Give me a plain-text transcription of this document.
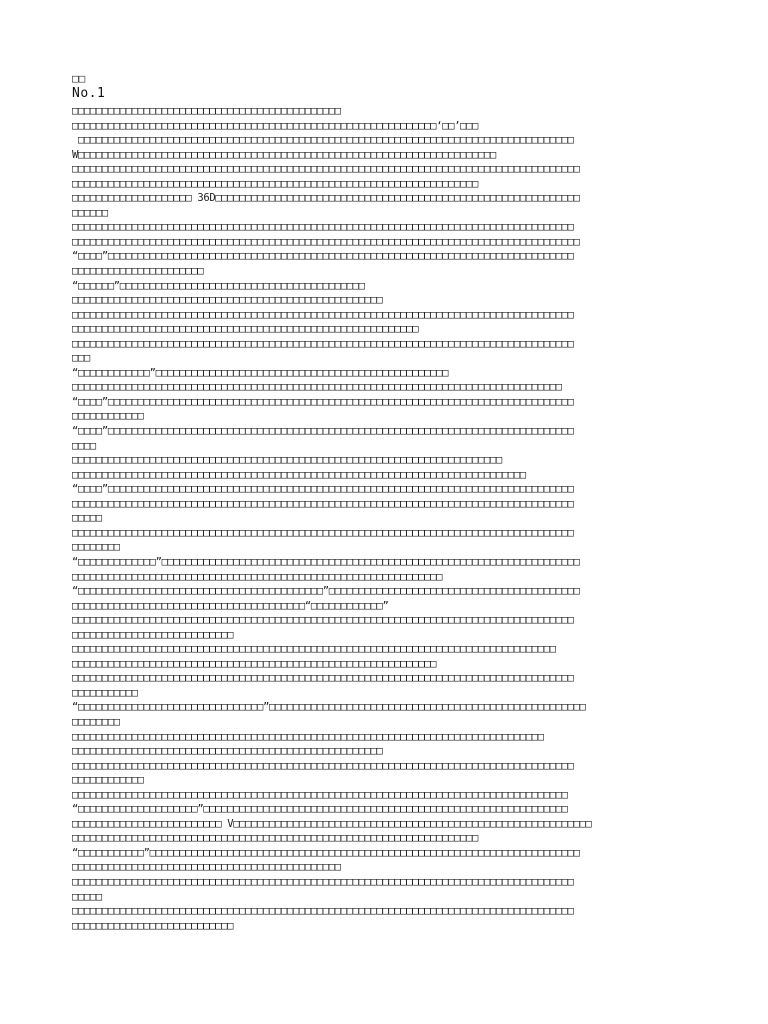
□□
No.1
□□□□□□□□□□□□□□□□□□□□□□□□□□□□□□□□□□□□□□□□□□□□□
□□□□□□□□□□□□□□□□□□□□□□□□□□□□□□□□□□□□□□□□□□□□□□□□□□□□□□□□□□□□□‘□□’□□□
□□□□□□□□□□□□□□□□□□□□□□□□□□□□□□□□□□□□□□□□□□□□□□□□□□□□□□□□□□□□□□□□□□□□□□□□□□□□□□□□□□□
W□□□□□□□□□□□□□□□□□□□□□□□□□□□□□□□□□□□□□□□□□□□□□□□□□□□□□□□□□□□□□□□□□□□□□□
□□□□□□□□□□□□□□□□□□□□□□□□□□□□□□□□□□□□□□□□□□□□□□□□□□□□□□□□□□□□□□□□□□□□□□□□□□□□□□□□□□□□□
□□□□□□□□□□□□□□□□□□□□□□□□□□□□□□□□□□□□□□□□□□□□□□□□□□□□□□□□□□□□□□□□□□□□
□□□□□□□□□□□□□□□□□□□□ 36D□□□□□□□□□□□□□□□□□□□□□□□□□□□□□□□□□□□□□□□□□□□□□□□□□□□□□□□□□□□□□
□□□□□□
□□□□□□□□□□□□□□□□□□□□□□□□□□□□□□□□□□□□□□□□□□□□□□□□□□□□□□□□□□□□□□□□□□□□□□□□□□□□□□□□□□□□
□□□□□□□□□□□□□□□□□□□□□□□□□□□□□□□□□□□□□□□□□□□□□□□□□□□□□□□□□□□□□□□□□□□□□□□□□□□□□□□□□□□□□
“□□□□”□□□□□□□□□□□□□□□□□□□□□□□□□□□□□□□□□□□□□□□□□□□□□□□□□□□□□□□□□□□□□□□□□□□□□□□□□□□□□□
□□□□□□□□□□□□□□□□□□□□□□
“□□□□□□”□□□□□□□□□□□□□□□□□□□□□□□□□□□□□□□□□□□□□□□□□
□□□□□□□□□□□□□□□□□□□□□□□□□□□□□□□□□□□□□□□□□□□□□□□□□□□□
□□□□□□□□□□□□□□□□□□□□□□□□□□□□□□□□□□□□□□□□□□□□□□□□□□□□□□□□□□□□□□□□□□□□□□□□□□□□□□□□□□□□
□□□□□□□□□□□□□□□□□□□□□□□□□□□□□□□□□□□□□□□□□□□□□□□□□□□□□□□□□□
□□□□□□□□□□□□□□□□□□□□□□□□□□□□□□□□□□□□□□□□□□□□□□□□□□□□□□□□□□□□□□□□□□□□□□□□□□□□□□□□□□□□
□□□
“□□□□□□□□□□□□”□□□□□□□□□□□□□□□□□□□□□□□□□□□□□□□□□□□□□□□□□□□□□□□□□
□□□□□□□□□□□□□□□□□□□□□□□□□□□□□□□□□□□□□□□□□□□□□□□□□□□□□□□□□□□□□□□□□□□□□□□□□□□□□□□□□□
“□□□□”□□□□□□□□□□□□□□□□□□□□□□□□□□□□□□□□□□□□□□□□□□□□□□□□□□□□□□□□□□□□□□□□□□□□□□□□□□□□□□
□□□□□□□□□□□□
“□□□□”□□□□□□□□□□□□□□□□□□□□□□□□□□□□□□□□□□□□□□□□□□□□□□□□□□□□□□□□□□□□□□□□□□□□□□□□□□□□□□
□□□□
□□□□□□□□□□□□□□□□□□□□□□□□□□□□□□□□□□□□□□□□□□□□□□□□□□□□□□□□□□□□□□□□□□□□□□□□
□□□□□□□□□□□□□□□□□□□□□□□□□□□□□□□□□□□□□□□□□□□□□□□□□□□□□□□□□□□□□□□□□□□□□□□□□□□□
“□□□□”□□□□□□□□□□□□□□□□□□□□□□□□□□□□□□□□□□□□□□□□□□□□□□□□□□□□□□□□□□□□□□□□□□□□□□□□□□□□□□
□□□□□□□□□□□□□□□□□□□□□□□□□□□□□□□□□□□□□□□□□□□□□□□□□□□□□□□□□□□□□□□□□□□□□□□□□□□□□□□□□□□□
□□□□□
□□□□□□□□□□□□□□□□□□□□□□□□□□□□□□□□□□□□□□□□□□□□□□□□□□□□□□□□□□□□□□□□□□□□□□□□□□□□□□□□□□□□
□□□□□□□□
“□□□□□□□□□□□□□”□□□□□□□□□□□□□□□□□□□□□□□□□□□□□□□□□□□□□□□□□□□□□□□□□□□□□□□□□□□□□□□□□□□□□□
□□□□□□□□□□□□□□□□□□□□□□□□□□□□□□□□□□□□□□□□□□□□□□□□□□□□□□□□□□□□□□
“□□□□□□□□□□□□□□□□□□□□□□□□□□□□□□□□□□□□□□□□□”□□□□□□□□□□□□□□□□□□□□□□□□□□□□□□□□□□□□□□□□□□
□□□□□□□□□□□□□□□□□□□□□□□□□□□□□□□□□□□□□□□“□□□□□□□□□□□□”
□□□□□□□□□□□□□□□□□□□□□□□□□□□□□□□□□□□□□□□□□□□□□□□□□□□□□□□□□□□□□□□□□□□□□□□□□□□□□□□□□□□□
□□□□□□□□□□□□□□□□□□□□□□□□□□□
□□□□□□□□□□□□□□□□□□□□□□□□□□□□□□□□□□□□□□□□□□□□□□□□□□□□□□□□□□□□□□□□□□□□□□□□□□□□□□□□□
□□□□□□□□□□□□□□□□□□□□□□□□□□□□□□□□□□□□□□□□□□□□□□□□□□□□□□□□□□□□□
□□□□□□□□□□□□□□□□□□□□□□□□□□□□□□□□□□□□□□□□□□□□□□□□□□□□□□□□□□□□□□□□□□□□□□□□□□□□□□□□□□□□
□□□□□□□□□□□
“□□□□□□□□□□□□□□□□□□□□□□□□□□□□□□□”□□□□□□□□□□□□□□□□□□□□□□□□□□□□□□□□□□□□□□□□□□□□□□□□□□□□□
□□□□□□□□
□□□□□□□□□□□□□□□□□□□□□□□□□□□□□□□□□□□□□□□□□□□□□□□□□□□□□□□□□□□□□□□□□□□□□□□□□□□□□□□
□□□□□□□□□□□□□□□□□□□□□□□□□□□□□□□□□□□□□□□□□□□□□□□□□□□□
□□□□□□□□□□□□□□□□□□□□□□□□□□□□□□□□□□□□□□□□□□□□□□□□□□□□□□□□□□□□□□□□□□□□□□□□□□□□□□□□□□□□
□□□□□□□□□□□□
□□□□□□□□□□□□□□□□□□□□□□□□□□□□□□□□□□□□□□□□□□□□□□□□□□□□□□□□□□□□□□□□□□□□□□□□□□□□□□□□□□□
“□□□□□□□□□□□□□□□□□□□□”□□□□□□□□□□□□□□□□□□□□□□□□□□□□□□□□□□□□□□□□□□□□□□□□□□□□□□□□□□□□□
□□□□□□□□□□□□□□□□□□□□□□□□□ V□□□□□□□□□□□□□□□□□□□□□□□□□□□□□□□□□□□□□□□□□□□□□□□□□□□□□□□□□□□□
□□□□□□□□□□□□□□□□□□□□□□□□□□□□□□□□□□□□□□□□□□□□□□□□□□□□□□□□□□□□□□□□□□□□
“□□□□□□□□□□□”□□□□□□□□□□□□□□□□□□□□□□□□□□□□□□□□□□□□□□□□□□□□□□□□□□□□□□□□□□□□□□□□□□□□□□□□
□□□□□□□□□□□□□□□□□□□□□□□□□□□□□□□□□□□□□□□□□□□□□
□□□□□□□□□□□□□□□□□□□□□□□□□□□□□□□□□□□□□□□□□□□□□□□□□□□□□□□□□□□□□□□□□□□□□□□□□□□□□□□□□□□□
□□□□□
□□□□□□□□□□□□□□□□□□□□□□□□□□□□□□□□□□□□□□□□□□□□□□□□□□□□□□□□□□□□□□□□□□□□□□□□□□□□□□□□□□□□
□□□□□□□□□□□□□□□□□□□□□□□□□□□
